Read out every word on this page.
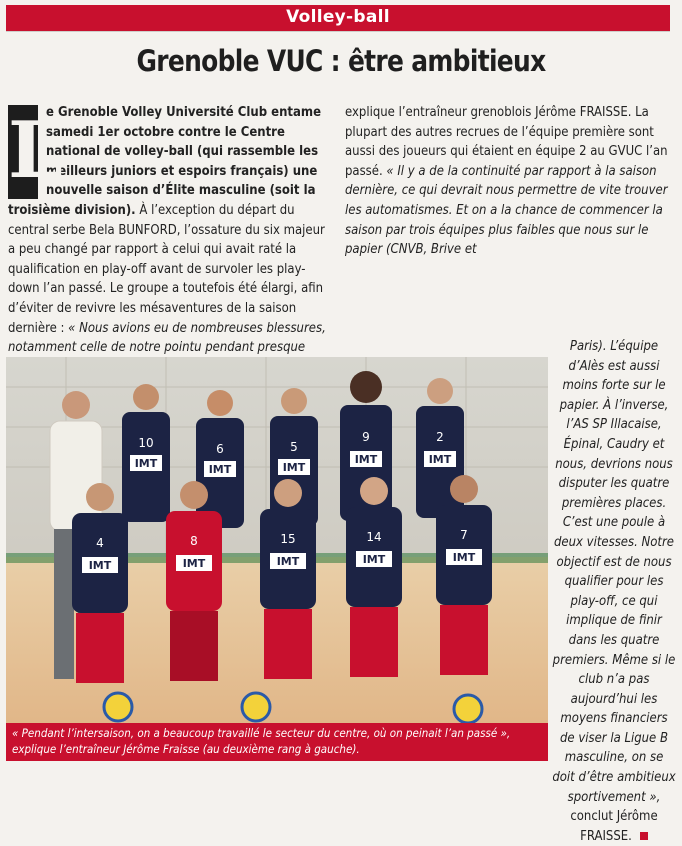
Volley-ball
Grenoble VUC : être ambitieux
L
e Grenoble Volley Université Club entame samedi 1er octobre contre le Centre national de volley-ball (qui rassemble les meilleurs juniors et espoirs français) une nouvelle saison d’Élite masculine (soit la troisième division). À l’exception du départ du central serbe Bela BUNFORD, l’ossature du six majeur a peu changé par rapport à celui qui avait raté la qualification en play-off avant de survoler les play-down l’an passé. Le groupe a toutefois été élargi, afin d’éviter de revivre les mésaventures de la saison dernière : « Nous avions eu de nombreuses blessures, notamment celle de notre pointu pendant presque
explique l’entraîneur grenoblois Jérôme FRAISSE. La plupart des autres recrues de l’équipe première sont aussi des joueurs qui étaient en équipe 2 au GVUC l’an passé. « Il y a de la continuité par rapport à la saison dernière, ce qui devrait nous permettre de vite trouver les automatismes. Et on a la chance de commencer la saison par trois équipes plus faibles que nous sur le papier (CNVB, Brive et
Paris). L’équipe d’Alès est aussi moins forte sur le papier. À l’inverse, l’AS SP Illacaise, Épinal, Caudry et nous, devrions nous disputer les quatre premières places. C’est une poule à deux vitesses. Notre objectif est de nous qualifier pour les play-off, ce qui implique de finir dans les quatre premiers. Même si le club n’a pas aujourd’hui les moyens financiers de viser la Ligue B masculine, on se doit d’être ambitieux sportivement », conclut Jérôme FRAISSE.
IMT
10
IMT
6
IMT
5
IMT
9
IMT
2
IMT
4
IMT
8
IMT
15
IMT
14
IMT
7
« Pendant l’intersaison, on a beaucoup travaillé le secteur du centre, où on peinait l’an passé », explique l’entraîneur Jérôme Fraisse (au deuxième rang à gauche).
